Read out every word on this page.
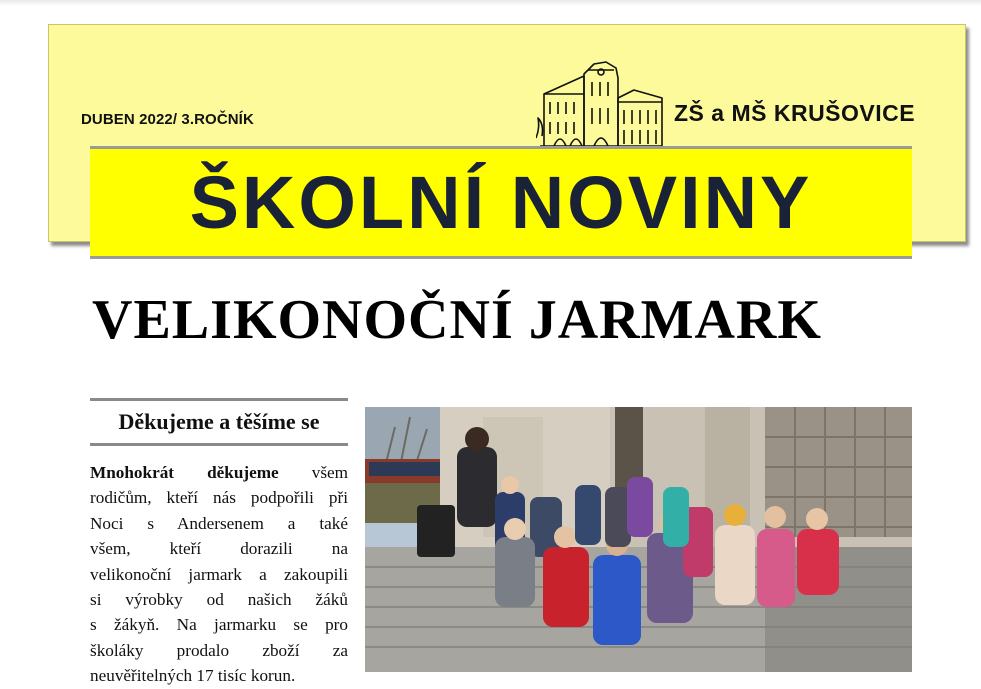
DUBEN 2022/ 3.ROČNÍK	ZŠ a MŠ KRUŠOVICE
ŠKOLNÍ NOVINY
VELIKONOČNÍ JARMARK
Děkujeme a těšíme se
Mnohokrát děkujeme všem
rodičům, kteří nás podpořili při
Noci s Andersenem a také
všem, kteří dorazili na
velikonoční jarmark a zakoupili
si výrobky od našich žáků
s žákyň. Na jarmarku se pro
školáky prodalo zboží za
neuvěřitelných 17 tisíc korun.
